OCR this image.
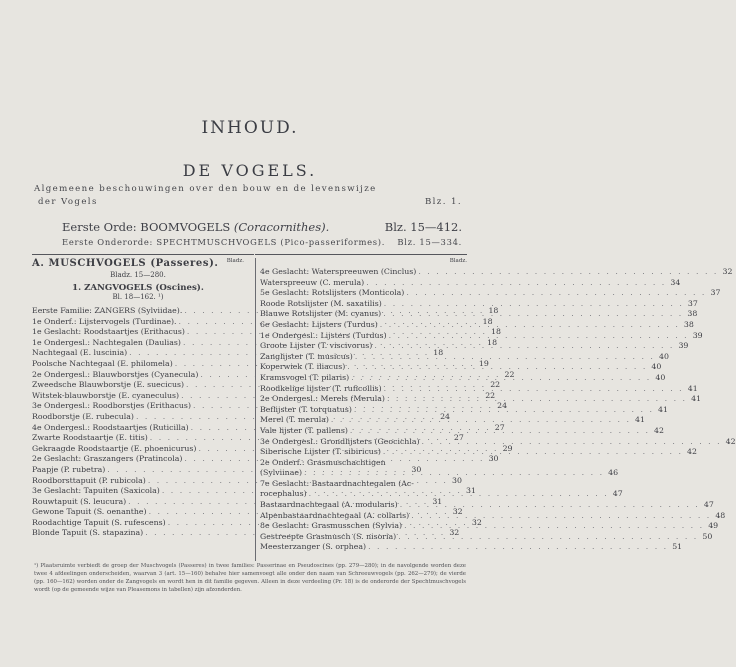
INHOUD.
DE VOGELS.
Algemeene beschouwingen over den bouw en de levenswijze
der Vogels	Blz. 1.
Eerste Orde: BOOMVOGELS (Coracornithes).	Blz. 15—412.
Eerste Onderorde: SPECHTMUSCHVOGELS (Pico-passeriformes). Blz. 15—334.
A. MUSCHVOGELS (Passeres). Bladz.
Bladz. 15—280.
1. ZANGVOGELS (Oscines).
Bl. 18—162. ¹)
Eerste Familie: ZANGERS (Sylviidae). . . .	18
1e Onderf.: Lijstervogels (Turdinae). . . .	18
1e Geslacht: Roodstaartjes (Erithacus) . . .	18
1e Ondergesl.: Nachtegalen (Daulias) . . .	18
Nachtegaal (E. luscinia) . . .	18
Poolsche Nachtegaal (E. philomela) . . .	19
2e Ondergesl.: Blauwborstjes (Cyanecula) . . .	22
Zweedsche Blauwborstje (E. suecicus) . . .	22
Witstek-blauwborstje (E. cyaneculus) . . .	22
3e Ondergesl.: Roodborstjes (Erithacus) . . .	24
Roodborstje (E. rubecula) . . .	24
4e Ondergesl.: Roodstaartjes (Ruticilla) . . .	27
Zwarte Roodstaartje (E. titis) . . .	27
Gekraagde Roodstaartje (E. phoenicurus) . . .	29
2e Geslacht: Graszangers (Pratincola) . . .	30
Paapje (P. rubetra) . . .	30
Roodborsttapuit (P. rubicola) . . .	30
3e Geslacht: Tapuiten (Saxicola) . . .	31
Rouwtapuit (S. leucura) . . .	31
Gewone Tapuit (S. oenanthe) . . .	32
Roodachtige Tapuit (S. rufescens) . . .	32
Blonde Tapuit (S. stapazina) . . .	32
Bladz.
4e Geslacht: Waterspreeuwen (Cinclus) . . .	32
Waterspreeuw (C. merula) . . .	34
5e Geslacht: Rotslijsters (Monticola) . . .	37
Roode Rotslijster (M. saxatilis) . . .	37
Blauwe Rotslijster (M. cyanus) . . .	38
6e Geslacht: Lijsters (Turdus) . . .	38
1e Ondergesl.: Lijsters (Turdus) . . .	39
Groote Lijster (T. viscivorus) . . .	39
Zanglijster (T. musicus) . . .	40
Koperwiek (T. iliacus) . . .	40
Kramsvogel (T. pilaris) . . .	40
Roodkelige lijster (T. ruficollis) . . .	41
2e Ondergesl.: Merels (Merula) . . .	41
Beflijster (T. torquatus) . . .	41
Merel (T. merula) . . .	41
Vale lijster (T. pallens) . . .	42
3e Ondergesl.: Grondlijsters (Geocichla) . . .	42
Siberische Lijster (T. sibiricus) . . .	42
2e Onderf.: Grasmuschachtigen
(Sylviinae) . . .	46
7e Geslacht: Bastaardnachtegalen (Ac-
rocephalus) . . .	47
Bastaardnachtegaal (A. modularis) . . .	47
Alpenbastaardnachtegaal (A. collaris) . . .	48
8e Geslacht: Grasmusschen (Sylvia) . . .	49
Gestreepte Grasmusch (S. nisoria) . . .	50
Meesterzanger (S. orphea) . . .	51

¹) Plaatsruimte verbiedt de groep der Muschvogels (Passeres) in twee families: Passerinae en Pseudoscines (pp. 279—280); in de navolgende worden deze twee 4 afdeelingen onderscheiden, waarvan 3 (art. 15—160) behalve hier samenvoegt alle onder den naam van Schreeuwvogels (pp. 262—279); de vierde (pp. 160—162) worden onder de Zangvogels en wordt hen in dit familie gegeven. Alleen in deze verdeeling (Pr. 18) is de onderorde der Spechtmuschvogels wordt (op de gemeende wijze van Pleasemons in tabellen) zijn afzonderden.
